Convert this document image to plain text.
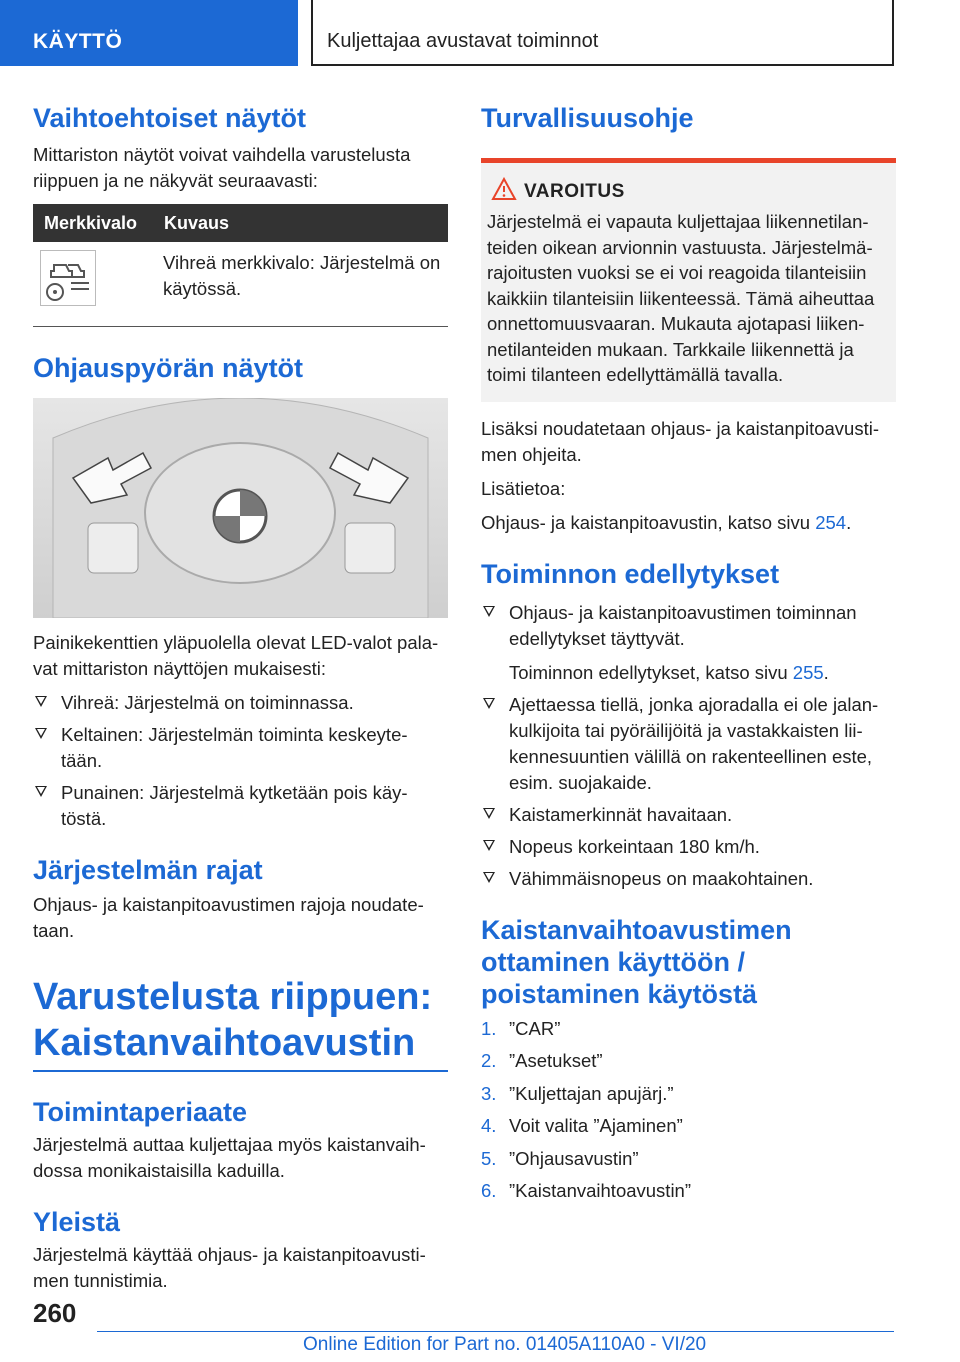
KÄYTTÖ	Kuljettajaa avustavat toiminnot
Vaihtoehtoiset näytöt

Mittariston näytöt voivat vaihdella varustelusta riippuen ja ne näkyvät seuraavasti:

Merkkivalo	Kuvaus

	Vihreä merkkivalo: Järjestelmä on käytössä.
Ohjauspyörän näytöt

Painikekenttien yläpuolella olevat LED-valot pala-vat mittariston näyttöjen mukaisesti:

Vihreä: Järjestelmä on toiminnassa.
Keltainen: Järjestelmän toiminta keskeyte-tään.
Punainen: Järjestelmä kytketään pois käy-töstä.
Järjestelmän rajat

Ohjaus- ja kaistanpitoavustimen rajoja noudate-taan.

Varustelusta riippuen:
Kaistanvaihtoavustin
Toimintaperiaate

Järjestelmä auttaa kuljettajaa myös kaistanvaih-dossa monikaistaisilla kaduilla.

Yleistä

Järjestelmä käyttää ohjaus- ja kaistanpitoavusti-men tunnistimia.

Turvallisuusohje
VAROITUS

Järjestelmä ei vapauta kuljettajaa liikennetilan-teiden oikean arvionnin vastuusta. Järjestelmä-rajoitusten vuoksi se ei voi reagoida tilanteisiin kaikkiin tilanteisiin liikenteessä. Tämä aiheuttaa onnettomuusvaaran. Mukauta ajotapasi liiken-netilanteiden mukaan. Tarkkaile liikennettä ja toimi tilanteen edellyttämällä tavalla.

Lisäksi noudatetaan ohjaus- ja kaistanpitoavusti-men ohjeita.

Lisätietoa:

Ohjaus- ja kaistanpitoavustin, katso sivu 254.

Toiminnon edellytykset
Ohjaus- ja kaistanpitoavustimen toiminnan edellytykset täyttyvät.
Toiminnon edellytykset, katso sivu 255.
Ajettaessa tiellä, jonka ajoradalla ei ole jalan-kulkijoita tai pyöräilijöitä ja vastakkaisten lii-kennesuuntien välillä on rakenteellinen este, esim. suojakaide.
Kaistamerkinnät havaitaan.
Nopeus korkeintaan 180 km/h.
Vähimmäisnopeus on maakohtainen.
Kaistanvaihtoavustimen
ottaminen käyttöön /
poistaminen käytöstä
1. ”CAR”
2. ”Asetukset”
3. ”Kuljettajan apujärj.”
4. Voit valita ”Ajaminen”
5. ”Ohjausavustin”
6. ”Kaistanvaihtoavustin”
260
Online Edition for Part no. 01405A110A0 - VI/20
